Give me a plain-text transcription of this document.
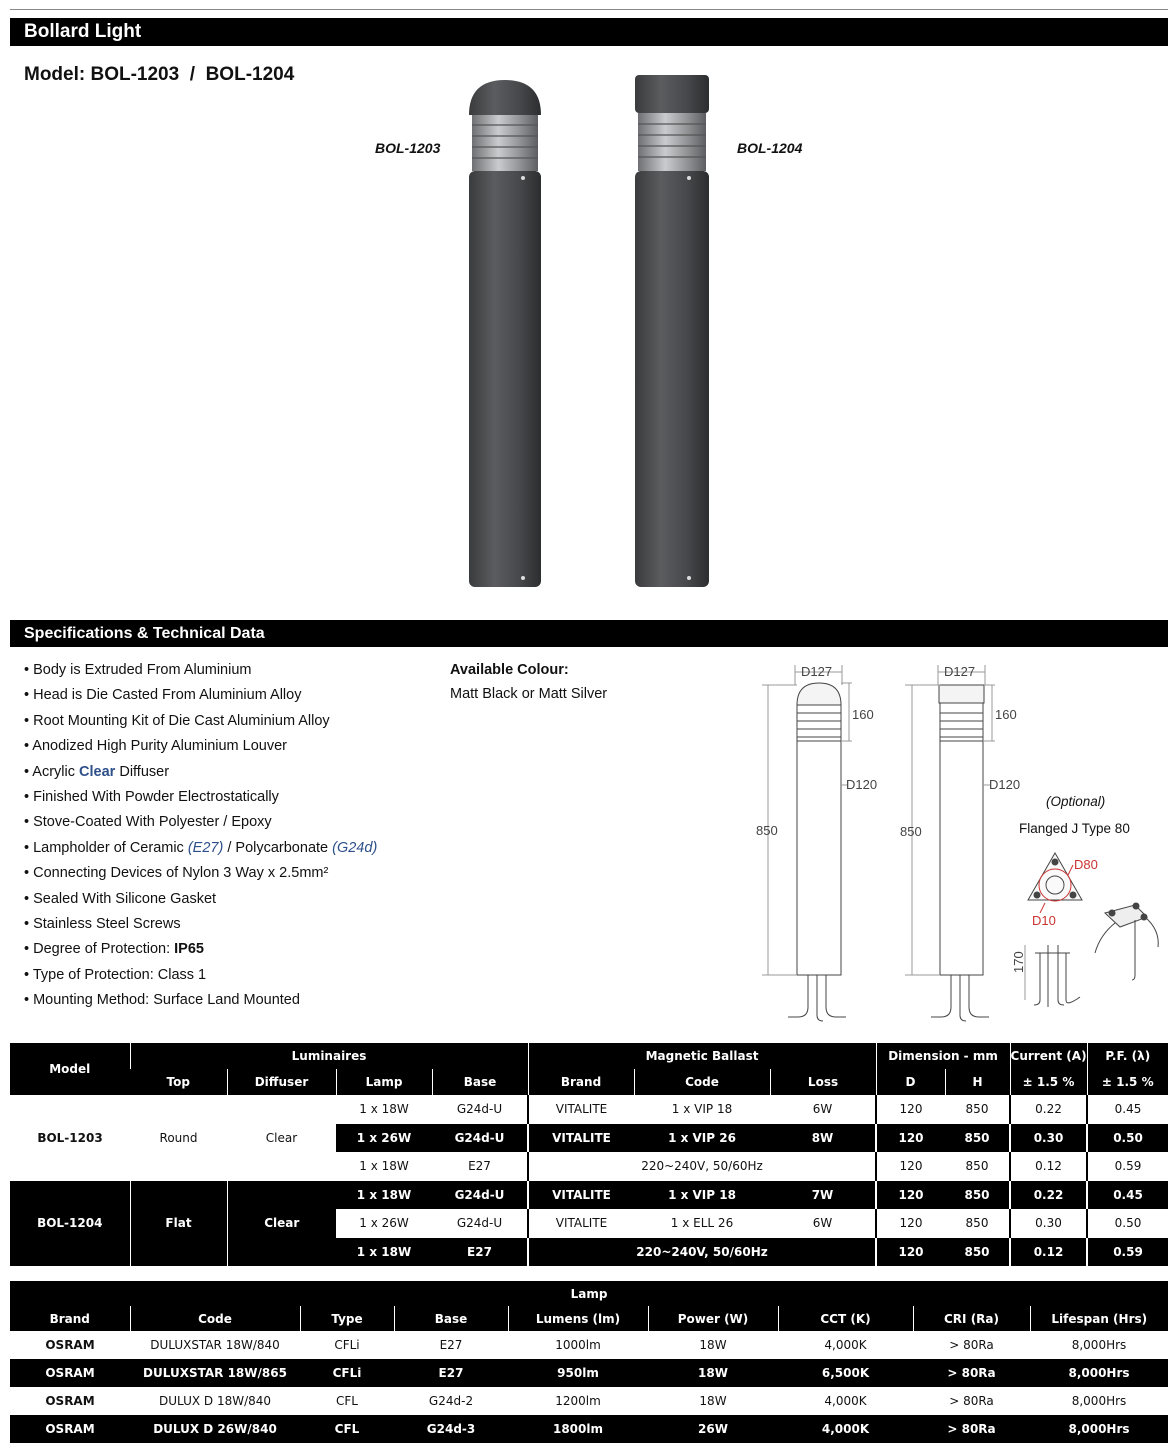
Bollard Light
Model: BOL-1203  /  BOL-1204
BOL-1203	BOL-1204
Specifications & Technical Data
• Body is Extruded From Aluminium
• Head is Die Casted From Aluminium Alloy
• Root Mounting Kit of Die Cast Aluminium Alloy
• Anodized High Purity Aluminium Louver
• Acrylic Clear Diffuser
• Finished With Powder Electrostatically
• Stove-Coated With Polyester / Epoxy
• Lampholder of Ceramic (E27) / Polycarbonate (G24d)
• Connecting Devices of Nylon 3 Way x 2.5mm²
• Sealed With Silicone Gasket
• Stainless Steel Screws
• Degree of Protection: IP65
• Type of Protection: Class 1
• Mounting Method: Surface Land Mounted
Available Colour:
Matt Black or Matt Silver
D127	D127
160	160
D120	D120
850	850
170
(Optional)
Flanged J Type 80
D80
D10
Model	Luminaires				Magnetic Ballast			Dimension - mm		Current (A)	P.F. (λ)
	Top	Diffuser	Lamp	Base	Brand	Code	Loss	D	H	± 1.5 %	± 1.5 %

BOL-1203	Round	Clear	1 x 18W	G24d-U	VITALITE	1 x VIP 18	6W	120	850	0.22	0.45
			1 x 26W	G24d-U	VITALITE	1 x VIP 26	8W	120	850	0.30	0.50
			1 x 18W	E27	220~240V, 50/60Hz			120	850	0.12	0.59
BOL-1204	Flat	Clear	1 x 18W	G24d-U	VITALITE	1 x VIP 18	7W	120	850	0.22	0.45
			1 x 26W	G24d-U	VITALITE	1 x ELL 26	6W	120	850	0.30	0.50
			1 x 18W	E27	220~240V, 50/60Hz			120	850	0.12	0.59
Lamp								
Brand	Code	Type	Base	Lumens (lm)	Power (W)	CCT (K)	CRI (Ra)	Lifespan (Hrs)
OSRAM	DULUXSTAR 18W/840	CFLi	E27	1000lm	18W	4,000K	> 80Ra	8,000Hrs
OSRAM	DULUXSTAR 18W/865	CFLi	E27	950lm	18W	6,500K	> 80Ra	8,000Hrs
OSRAM	DULUX D 18W/840	CFL	G24d-2	1200lm	18W	4,000K	> 80Ra	8,000Hrs
OSRAM	DULUX D 26W/840	CFL	G24d-3	1800lm	26W	4,000K	> 80Ra	8,000Hrs
